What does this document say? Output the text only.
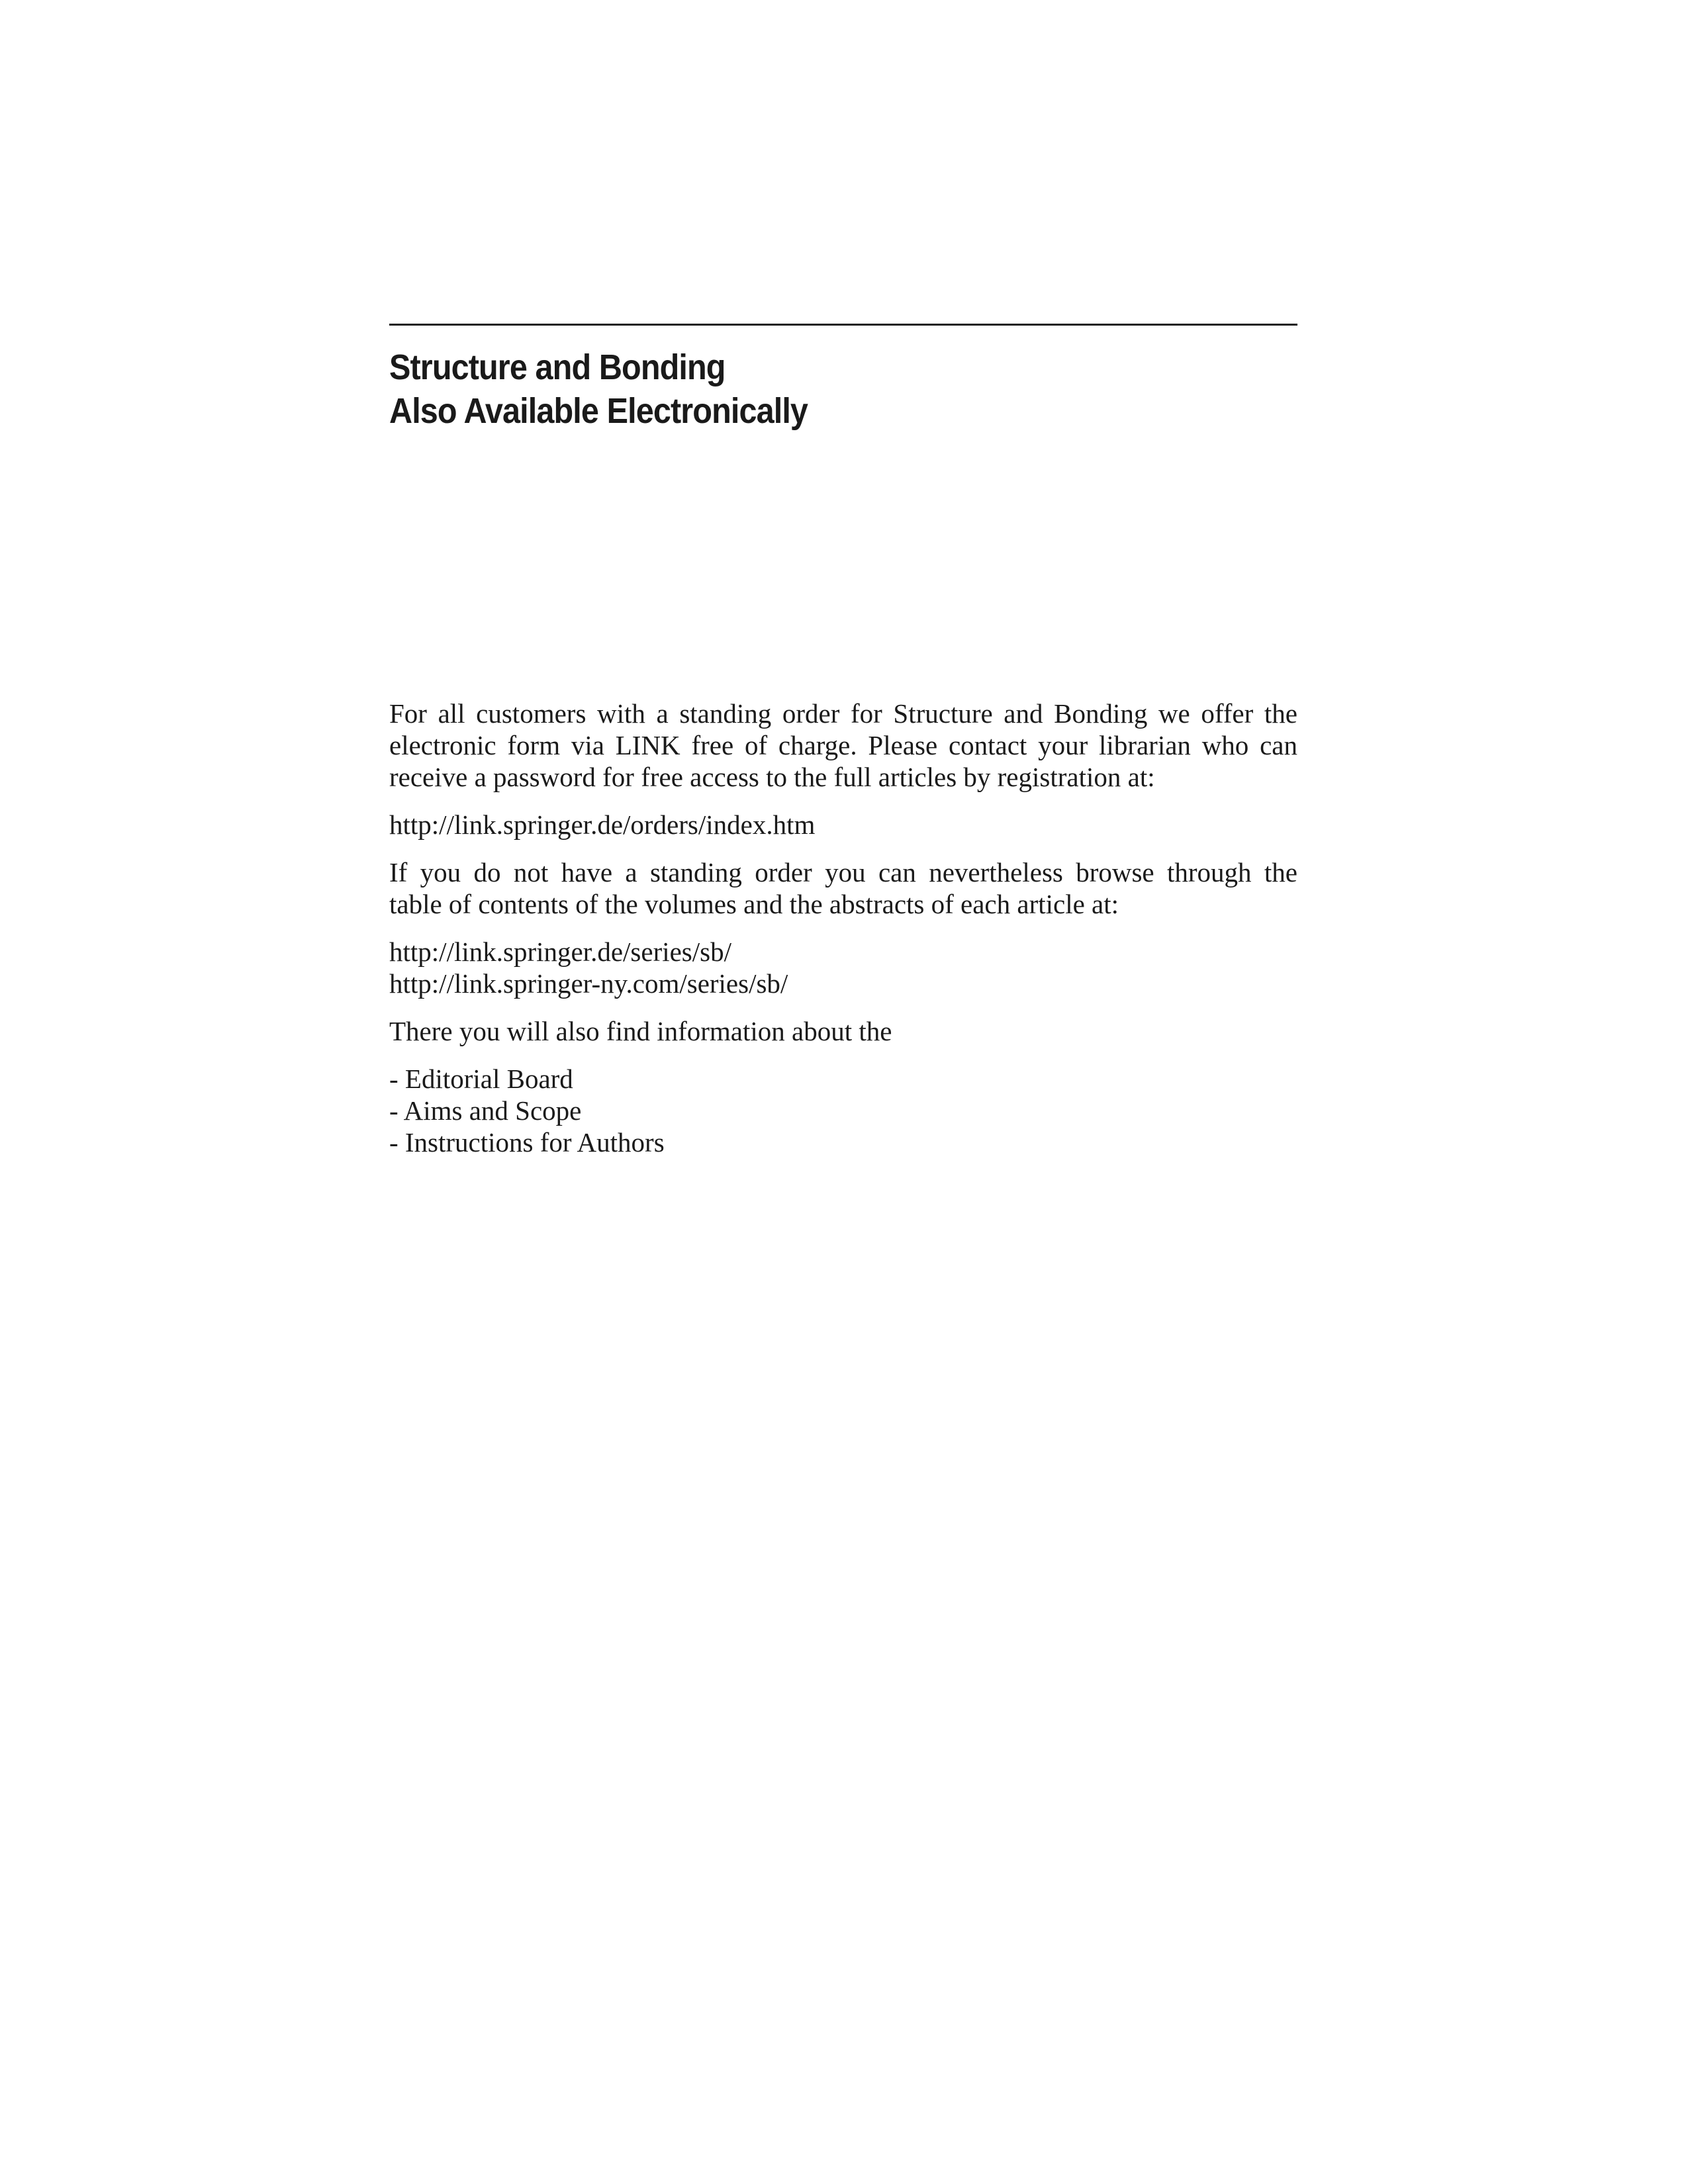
Structure and Bonding
Also Available Electronically
For all customers with a standing order for Structure and Bonding we offer the
electronic form via LINK free of charge. Please contact your librarian who can
receive a password for free access to the full articles by registration at:
http://link.springer.de/orders/index.htm
If you do not have a standing order you can nevertheless browse through the
table of contents of the volumes and the abstracts of each article at:
http://link.springer.de/series/sb/
http://link.springer-ny.com/series/sb/
There you will also find information about the
- Editorial Board
- Aims and Scope
- Instructions for Authors
